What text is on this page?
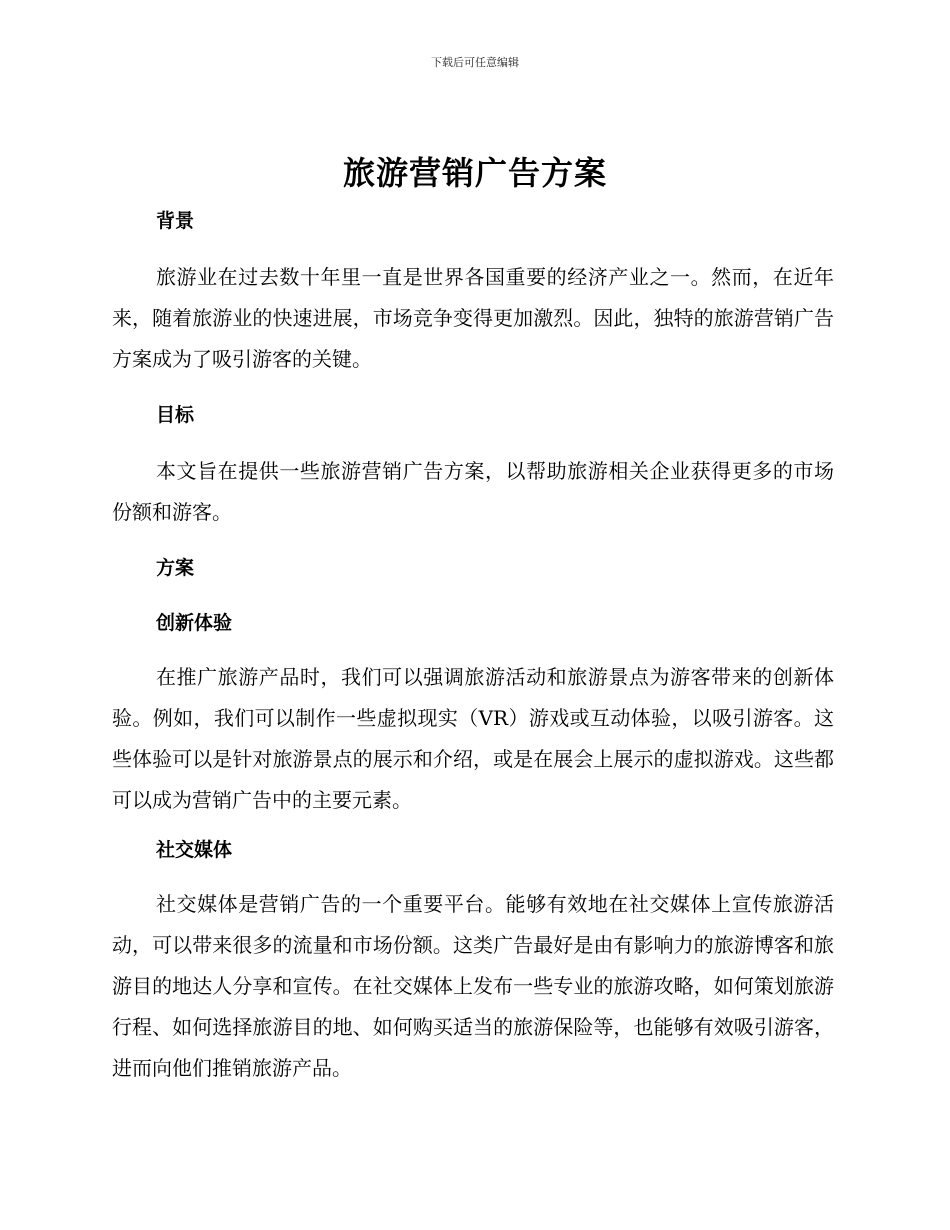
下载后可任意编辑
旅游营销广告方案
背景

旅游业在过去数十年里一直是世界各国重要的经济产业之一。然而，在近年来，随着旅游业的快速进展，市场竞争变得更加激烈。因此，独特的旅游营销广告方案成为了吸引游客的关键。

目标

本文旨在提供一些旅游营销广告方案，以帮助旅游相关企业获得更多的市场份额和游客。

方案
创新体验

在推广旅游产品时，我们可以强调旅游活动和旅游景点为游客带来的创新体验。例如，我们可以制作一些虚拟现实（VR）游戏或互动体验，以吸引游客。这些体验可以是针对旅游景点的展示和介绍，或是在展会上展示的虚拟游戏。这些都可以成为营销广告中的主要元素。

社交媒体

社交媒体是营销广告的一个重要平台。能够有效地在社交媒体上宣传旅游活动，可以带来很多的流量和市场份额。这类广告最好是由有影响力的旅游博客和旅游目的地达人分享和宣传。在社交媒体上发布一些专业的旅游攻略，如何策划旅游行程、如何选择旅游目的地、如何购买适当的旅游保险等，也能够有效吸引游客，进而向他们推销旅游产品。
